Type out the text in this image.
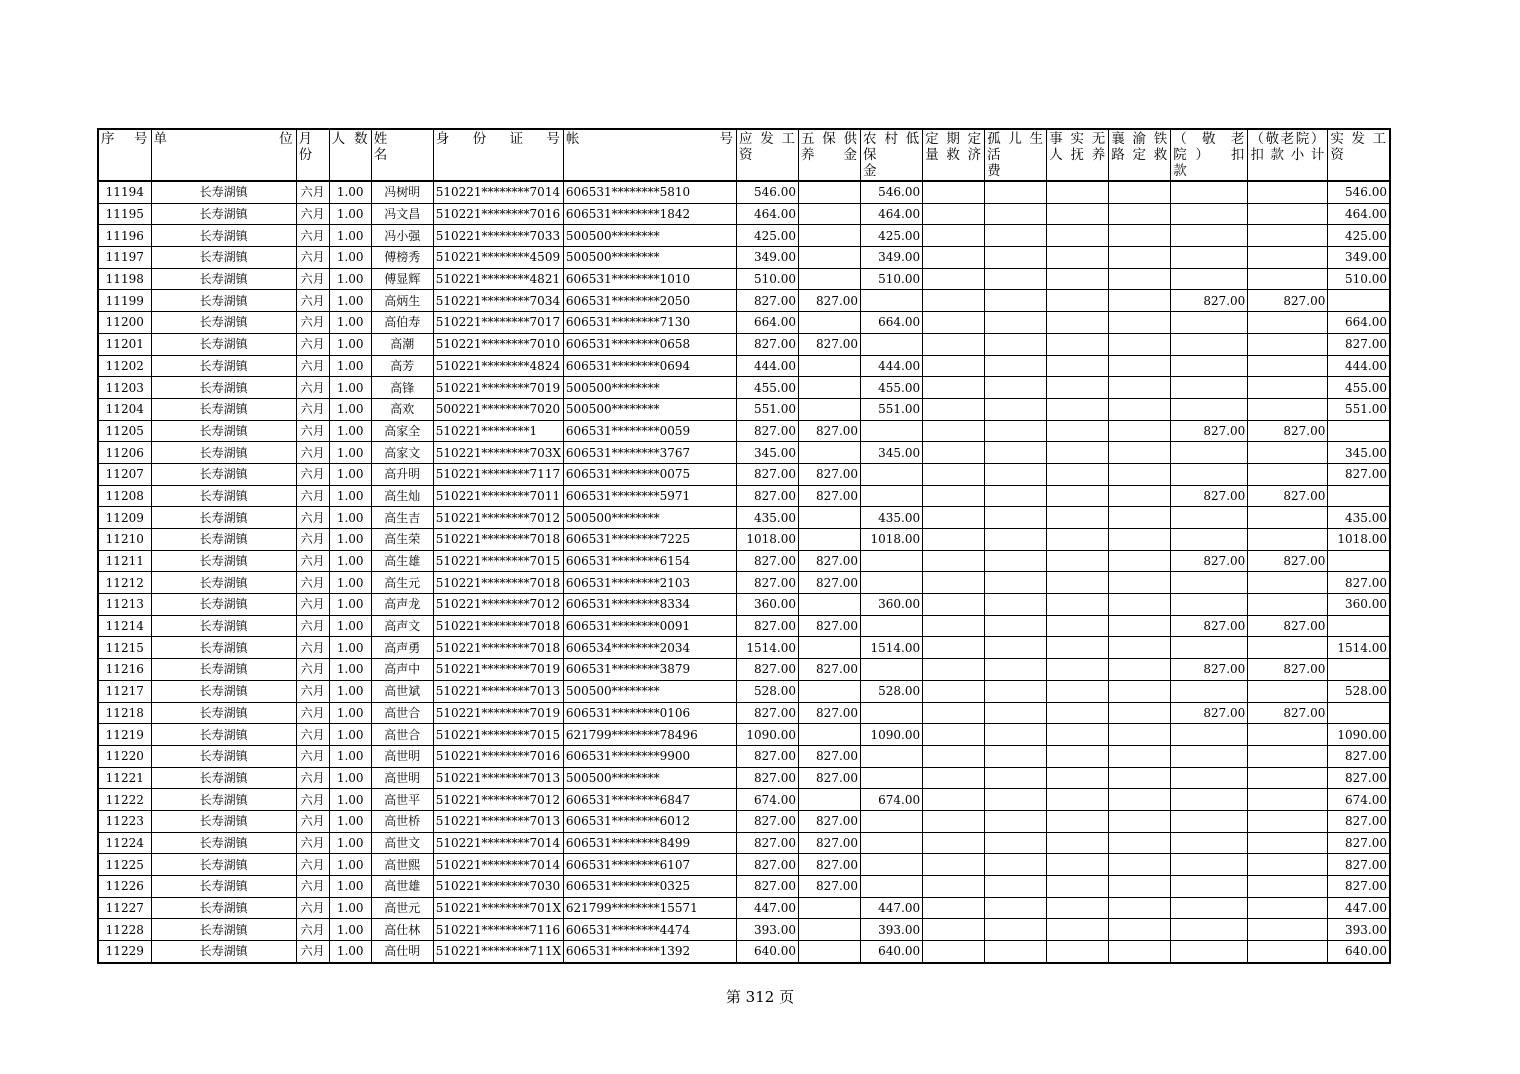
序　号	单　　　　　　　位	月份	人 数	姓　　名	身　份　证　号	帐　　　　　　　　　号	应 发 工 资	五 保 供 养　金	农 村 低 保　　金	定 期 定 量 救 济	孤 儿 生 活　　费	事 实 无 人 抚 养	襄 渝 铁 路 定 救	（敬老院） 扣　　款	（敬老院） 扣 款 小 计	实 发 工 资
11194	长寿湖镇	六月	1.00	冯树明	510221********7014	606531********5810	546.00		546.00							546.00
11195	长寿湖镇	六月	1.00	冯文昌	510221********7016	606531********1842	464.00		464.00							464.00
11196	长寿湖镇	六月	1.00	冯小强	510221********7033	500500********	425.00		425.00							425.00
11197	长寿湖镇	六月	1.00	傅榜秀	510221********4509	500500********	349.00		349.00							349.00
11198	长寿湖镇	六月	1.00	傅显辉	510221********4821	606531********1010	510.00		510.00							510.00
11199	长寿湖镇	六月	1.00	高炳生	510221********7034	606531********2050	827.00	827.00						827.00	827.00	
11200	长寿湖镇	六月	1.00	高伯寿	510221********7017	606531********7130	664.00		664.00							664.00
11201	长寿湖镇	六月	1.00	高潮	510221********7010	606531********0658	827.00	827.00								827.00
11202	长寿湖镇	六月	1.00	高芳	510221********4824	606531********0694	444.00		444.00							444.00
11203	长寿湖镇	六月	1.00	高锋	510221********7019	500500********	455.00		455.00							455.00
11204	长寿湖镇	六月	1.00	高欢	500221********7020	500500********	551.00		551.00							551.00
11205	长寿湖镇	六月	1.00	高家全	510221********1	606531********0059	827.00	827.00						827.00	827.00	
11206	长寿湖镇	六月	1.00	高家文	510221********703X	606531********3767	345.00		345.00							345.00
11207	长寿湖镇	六月	1.00	高升明	510221********7117	606531********0075	827.00	827.00								827.00
11208	长寿湖镇	六月	1.00	高生灿	510221********7011	606531********5971	827.00	827.00						827.00	827.00	
11209	长寿湖镇	六月	1.00	高生吉	510221********7012	500500********	435.00		435.00							435.00
11210	长寿湖镇	六月	1.00	高生荣	510221********7018	606531********7225	1018.00		1018.00							1018.00
11211	长寿湖镇	六月	1.00	高生雄	510221********7015	606531********6154	827.00	827.00						827.00	827.00	
11212	长寿湖镇	六月	1.00	高生元	510221********7018	606531********2103	827.00	827.00								827.00
11213	长寿湖镇	六月	1.00	高声龙	510221********7012	606531********8334	360.00		360.00							360.00
11214	长寿湖镇	六月	1.00	高声文	510221********7018	606531********0091	827.00	827.00						827.00	827.00	
11215	长寿湖镇	六月	1.00	高声勇	510221********7018	606534********2034	1514.00		1514.00							1514.00
11216	长寿湖镇	六月	1.00	高声中	510221********7019	606531********3879	827.00	827.00						827.00	827.00	
11217	长寿湖镇	六月	1.00	高世斌	510221********7013	500500********	528.00		528.00							528.00
11218	长寿湖镇	六月	1.00	高世合	510221********7019	606531********0106	827.00	827.00						827.00	827.00	
11219	长寿湖镇	六月	1.00	高世合	510221********7015	621799********78496	1090.00		1090.00							1090.00
11220	长寿湖镇	六月	1.00	高世明	510221********7016	606531********9900	827.00	827.00								827.00
11221	长寿湖镇	六月	1.00	高世明	510221********7013	500500********	827.00	827.00								827.00
11222	长寿湖镇	六月	1.00	高世平	510221********7012	606531********6847	674.00		674.00							674.00
11223	长寿湖镇	六月	1.00	高世桥	510221********7013	606531********6012	827.00	827.00								827.00
11224	长寿湖镇	六月	1.00	高世文	510221********7014	606531********8499	827.00	827.00								827.00
11225	长寿湖镇	六月	1.00	高世熙	510221********7014	606531********6107	827.00	827.00								827.00
11226	长寿湖镇	六月	1.00	高世雄	510221********7030	606531********0325	827.00	827.00								827.00
11227	长寿湖镇	六月	1.00	高世元	510221********701X	621799********15571	447.00		447.00							447.00
11228	长寿湖镇	六月	1.00	高仕林	510221********7116	606531********4474	393.00		393.00							393.00
11229	长寿湖镇	六月	1.00	高仕明	510221********711X	606531********1392	640.00		640.00							640.00
第 312 页
